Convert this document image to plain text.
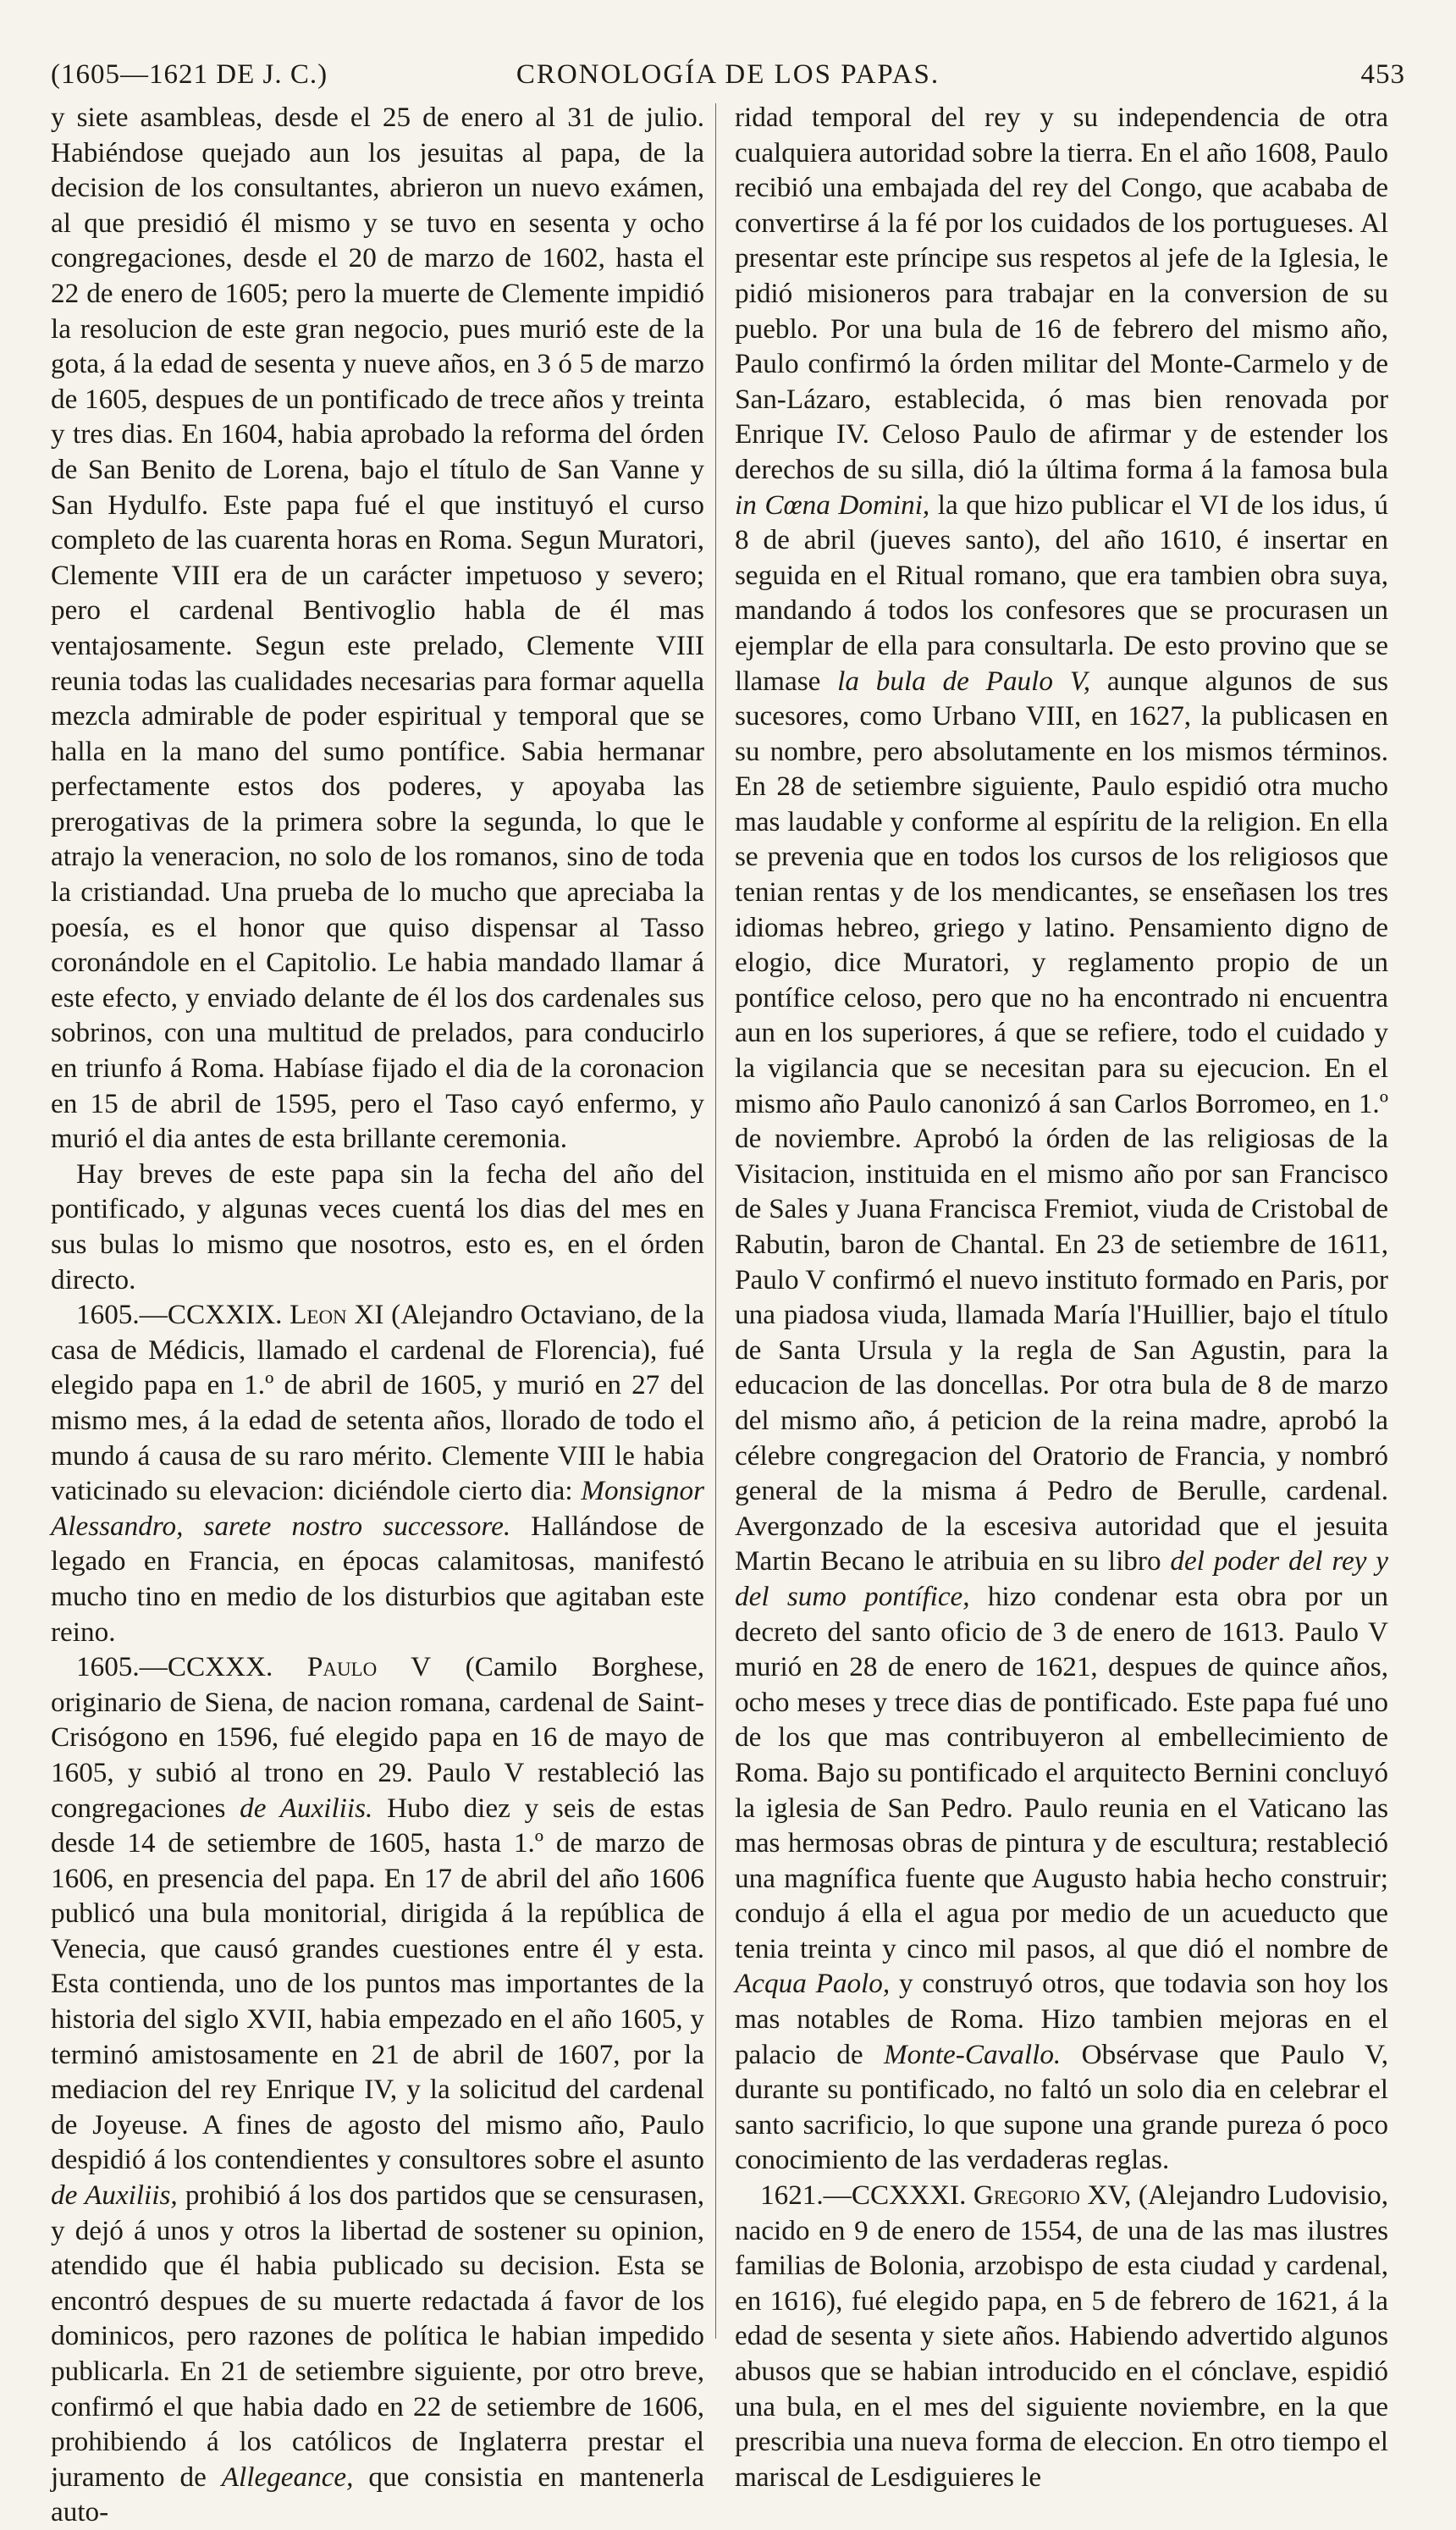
(1605—1621 DE J. C.)	CRONOLOGÍA DE LOS PAPAS.	453

y siete asambleas, desde el 25 de enero al 31 de julio. Habiéndose quejado aun los jesuitas al papa, de la decision de los consultantes, abrieron un nuevo exámen, al que presidió él mismo y se tuvo en sesenta y ocho congregaciones, desde el 20 de marzo de 1602, hasta el 22 de enero de 1605; pero la muerte de Clemente impidió la resolucion de este gran negocio, pues murió este de la gota, á la edad de sesenta y nueve años, en 3 ó 5 de marzo de 1605, despues de un pontificado de trece años y treinta y tres dias. En 1604, habia aprobado la reforma del órden de San Benito de Lorena, bajo el título de San Vanne y San Hydulfo. Este papa fué el que instituyó el curso completo de las cuarenta horas en Roma. Segun Muratori, Clemente VIII era de un carácter impetuoso y severo; pero el cardenal Bentivoglio habla de él mas ventajosamente. Segun este prelado, Clemente VIII reunia todas las cualidades necesarias para formar aquella mezcla admirable de poder espiritual y temporal que se halla en la mano del sumo pontífice. Sabia hermanar perfectamente estos dos poderes, y apoyaba las prerogativas de la primera sobre la segunda, lo que le atrajo la veneracion, no solo de los romanos, sino de toda la cristiandad. Una prueba de lo mucho que apreciaba la poesía, es el honor que quiso dispensar al Tasso coronándole en el Capitolio. Le habia mandado llamar á este efecto, y enviado delante de él los dos cardenales sus sobrinos, con una multitud de prelados, para conducirlo en triunfo á Roma. Habíase fijado el dia de la coronacion en 15 de abril de 1595, pero el Taso cayó enfermo, y murió el dia antes de esta brillante ceremonia.

Hay breves de este papa sin la fecha del año del pontificado, y algunas veces cuentá los dias del mes en sus bulas lo mismo que nosotros, esto es, en el órden directo.

1605.—CCXXIX. Leon XI (Alejandro Octaviano, de la casa de Médicis, llamado el cardenal de Florencia), fué elegido papa en 1.º de abril de 1605, y murió en 27 del mismo mes, á la edad de setenta años, llorado de todo el mundo á causa de su raro mérito. Clemente VIII le habia vaticinado su elevacion: diciéndole cierto dia: Monsignor Alessandro, sarete nostro successore. Hallándose de legado en Francia, en épocas calamitosas, manifestó mucho tino en medio de los disturbios que agitaban este reino.

1605.—CCXXX. Paulo V (Camilo Borghese, originario de Siena, de nacion romana, cardenal de Saint-Crisógono en 1596, fué elegido papa en 16 de mayo de 1605, y subió al trono en 29. Paulo V restableció las congregaciones de Auxiliis. Hubo diez y seis de estas desde 14 de setiembre de 1605, hasta 1.º de marzo de 1606, en presencia del papa. En 17 de abril del año 1606 publicó una bula monitorial, dirigida á la república de Venecia, que causó grandes cuestiones entre él y esta. Esta contienda, uno de los puntos mas importantes de la historia del siglo XVII, habia empezado en el año 1605, y terminó amistosamente en 21 de abril de 1607, por la mediacion del rey Enrique IV, y la solicitud del cardenal de Joyeuse. A fines de agosto del mismo año, Paulo despidió á los contendientes y consultores sobre el asunto de Auxiliis, prohibió á los dos partidos que se censurasen, y dejó á unos y otros la libertad de sostener su opinion, atendido que él habia publicado su decision. Esta se encontró despues de su muerte redactada á favor de los dominicos, pero razones de política le habian impedido publicarla. En 21 de setiembre siguiente, por otro breve, confirmó el que habia dado en 22 de setiembre de 1606, prohibiendo á los católicos de Inglaterra prestar el juramento de Allegeance, que consistia en mantenerla auto-

ridad temporal del rey y su independencia de otra cualquiera autoridad sobre la tierra. En el año 1608, Paulo recibió una embajada del rey del Congo, que acababa de convertirse á la fé por los cuidados de los portugueses. Al presentar este príncipe sus respetos al jefe de la Iglesia, le pidió misioneros para trabajar en la conversion de su pueblo. Por una bula de 16 de febrero del mismo año, Paulo confirmó la órden militar del Monte-Carmelo y de San-Lázaro, establecida, ó mas bien renovada por Enrique IV. Celoso Paulo de afirmar y de estender los derechos de su silla, dió la última forma á la famosa bula in Cœna Domini, la que hizo publicar el VI de los idus, ú 8 de abril (jueves santo), del año 1610, é insertar en seguida en el Ritual romano, que era tambien obra suya, mandando á todos los confesores que se procurasen un ejemplar de ella para consultarla. De esto provino que se llamase la bula de Paulo V, aunque algunos de sus sucesores, como Urbano VIII, en 1627, la publicasen en su nombre, pero absolutamente en los mismos términos. En 28 de setiembre siguiente, Paulo espidió otra mucho mas laudable y conforme al espíritu de la religion. En ella se prevenia que en todos los cursos de los religiosos que tenian rentas y de los mendicantes, se enseñasen los tres idiomas hebreo, griego y latino. Pensamiento digno de elogio, dice Muratori, y reglamento propio de un pontífice celoso, pero que no ha encontrado ni encuentra aun en los superiores, á que se refiere, todo el cuidado y la vigilancia que se necesitan para su ejecucion. En el mismo año Paulo canonizó á san Carlos Borromeo, en 1.º de noviembre. Aprobó la órden de las religiosas de la Visitacion, instituida en el mismo año por san Francisco de Sales y Juana Francisca Fremiot, viuda de Cristobal de Rabutin, baron de Chantal. En 23 de setiembre de 1611, Paulo V confirmó el nuevo instituto formado en Paris, por una piadosa viuda, llamada María l'Huillier, bajo el título de Santa Ursula y la regla de San Agustin, para la educacion de las doncellas. Por otra bula de 8 de marzo del mismo año, á peticion de la reina madre, aprobó la célebre congregacion del Oratorio de Francia, y nombró general de la misma á Pedro de Berulle, cardenal. Avergonzado de la escesiva autoridad que el jesuita Martin Becano le atribuia en su libro del poder del rey y del sumo pontífice, hizo condenar esta obra por un decreto del santo oficio de 3 de enero de 1613. Paulo V murió en 28 de enero de 1621, despues de quince años, ocho meses y trece dias de pontificado. Este papa fué uno de los que mas contribuyeron al embellecimiento de Roma. Bajo su pontificado el arquitecto Bernini concluyó la iglesia de San Pedro. Paulo reunia en el Vaticano las mas hermosas obras de pintura y de escultura; restableció una magnífica fuente que Augusto habia hecho construir; condujo á ella el agua por medio de un acueducto que tenia treinta y cinco mil pasos, al que dió el nombre de Acqua Paolo, y construyó otros, que todavia son hoy los mas notables de Roma. Hizo tambien mejoras en el palacio de Monte-Cavallo. Obsérvase que Paulo V, durante su pontificado, no faltó un solo dia en celebrar el santo sacrificio, lo que supone una grande pureza ó poco conocimiento de las verdaderas reglas.

1621.—CCXXXI. Gregorio XV, (Alejandro Ludovisio, nacido en 9 de enero de 1554, de una de las mas ilustres familias de Bolonia, arzobispo de esta ciudad y cardenal, en 1616), fué elegido papa, en 5 de febrero de 1621, á la edad de sesenta y siete años. Habiendo advertido algunos abusos que se habian introducido en el cónclave, espidió una bula, en el mes del siguiente noviembre, en la que prescribia una nueva forma de eleccion. En otro tiempo el mariscal de Lesdiguieres le
